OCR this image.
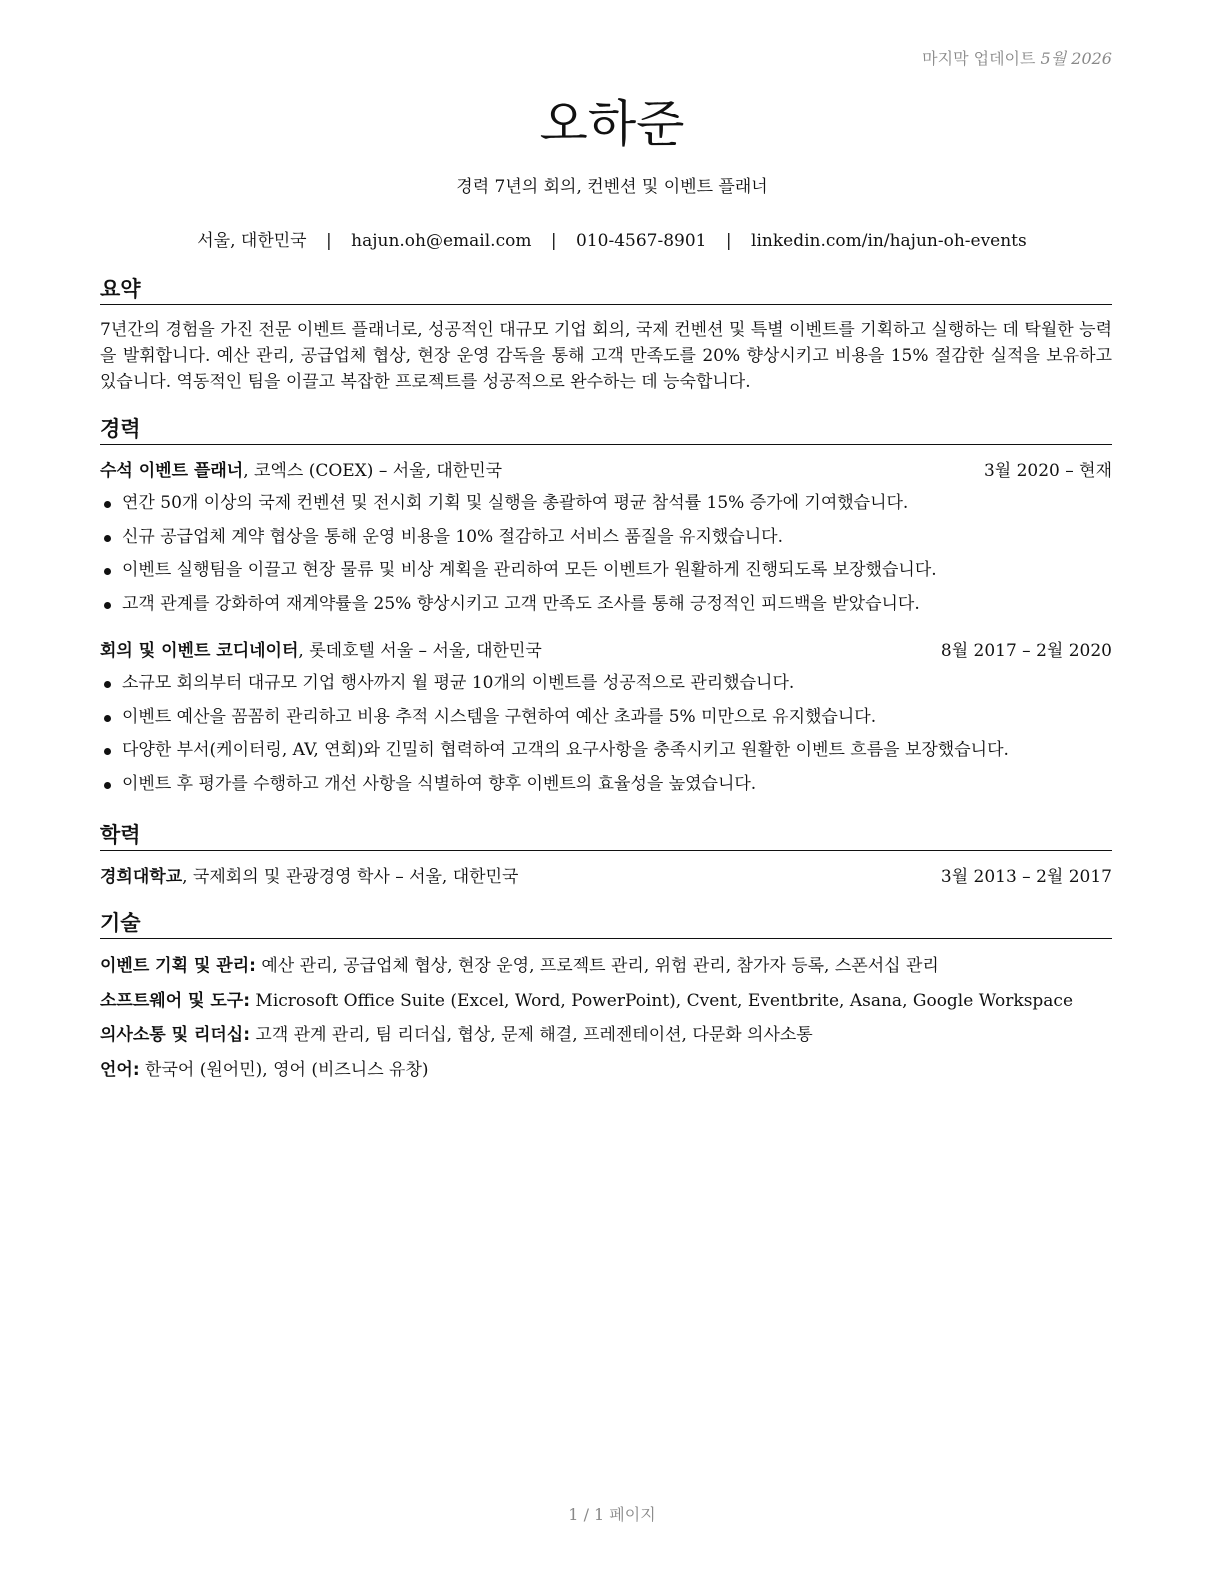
마지막 업데이트 5월 2026
오하준
경력 7년의 회의, 컨벤션 및 이벤트 플래너
서울, 대한민국 | hajun.oh@email.com | 010-4567-8901 | linkedin.com/in/hajun-oh-events
요약

7년간의 경험을 가진 전문 이벤트 플래너로, 성공적인 대규모 기업 회의, 국제 컨벤션 및 특별 이벤트를 기획하고 실행하는 데 탁월한 능력을 발휘합니다. 예산 관리, 공급업체 협상, 현장 운영 감독을 통해 고객 만족도를 20% 향상시키고 비용을 15% 절감한 실적을 보유하고 있습니다. 역동적인 팀을 이끌고 복잡한 프로젝트를 성공적으로 완수하는 데 능숙합니다.

경력
수석 이벤트 플래너, 코엑스 (COEX) – 서울, 대한민국	3월 2020 – 현재
연간 50개 이상의 국제 컨벤션 및 전시회 기획 및 실행을 총괄하여 평균 참석률 15% 증가에 기여했습니다.
신규 공급업체 계약 협상을 통해 운영 비용을 10% 절감하고 서비스 품질을 유지했습니다.
이벤트 실행팀을 이끌고 현장 물류 및 비상 계획을 관리하여 모든 이벤트가 원활하게 진행되도록 보장했습니다.
고객 관계를 강화하여 재계약률을 25% 향상시키고 고객 만족도 조사를 통해 긍정적인 피드백을 받았습니다.
회의 및 이벤트 코디네이터, 롯데호텔 서울 – 서울, 대한민국	8월 2017 – 2월 2020
소규모 회의부터 대규모 기업 행사까지 월 평균 10개의 이벤트를 성공적으로 관리했습니다.
이벤트 예산을 꼼꼼히 관리하고 비용 추적 시스템을 구현하여 예산 초과를 5% 미만으로 유지했습니다.
다양한 부서(케이터링, AV, 연회)와 긴밀히 협력하여 고객의 요구사항을 충족시키고 원활한 이벤트 흐름을 보장했습니다.
이벤트 후 평가를 수행하고 개선 사항을 식별하여 향후 이벤트의 효율성을 높였습니다.
학력
경희대학교, 국제회의 및 관광경영 학사 – 서울, 대한민국	3월 2013 – 2월 2017
기술
이벤트 기획 및 관리: 예산 관리, 공급업체 협상, 현장 운영, 프로젝트 관리, 위험 관리, 참가자 등록, 스폰서십 관리
소프트웨어 및 도구: Microsoft Office Suite (Excel, Word, PowerPoint), Cvent, Eventbrite, Asana, Google Workspace
의사소통 및 리더십: 고객 관계 관리, 팀 리더십, 협상, 문제 해결, 프레젠테이션, 다문화 의사소통
언어: 한국어 (원어민), 영어 (비즈니스 유창)
1 / 1 페이지
